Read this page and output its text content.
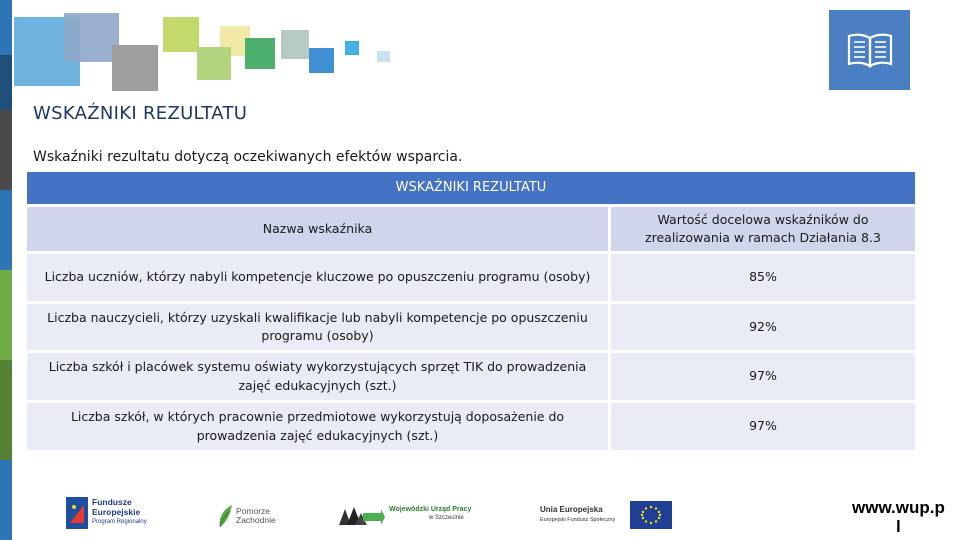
WSKAŹNIKI REZULTATU
Wskaźniki rezultatu dotyczą oczekiwanych efektów wsparcia.
WSKAŹNIKI REZULTATU	
Nazwa wskaźnika	Wartość docelowa wskaźników do zrealizowania w ramach Działania 8.3
Liczba uczniów, którzy nabyli kompetencje kluczowe po opuszczeniu programu (osoby)	85%
Liczba nauczycieli, którzy uzyskali kwalifikacje lub nabyli kompetencje po opuszczeniu programu (osoby)	92%
Liczba szkół i placówek systemu oświaty wykorzystujących sprzęt TIK do prowadzenia zajęć edukacyjnych (szt.)	97%
Liczba szkół, w których pracownie przedmiotowe wykorzystują doposażenie do prowadzenia zajęć edukacyjnych (szt.)	97%
Fundusze
Europejskie
Program Regionalny
Pomorze
Zachodnie
Wojewódzki Urząd Pracy
w Szczecinie
Unia Europejska
Europejski Fundusz Społeczny
www.wup.p
l
